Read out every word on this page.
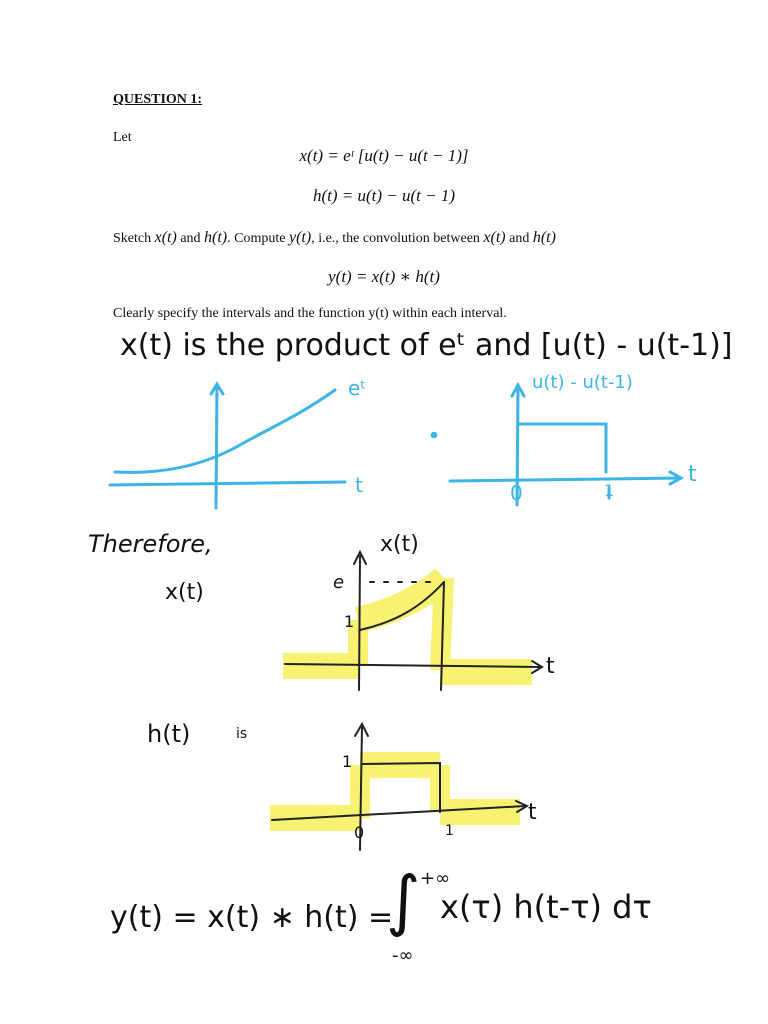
QUESTION 1:
Let
x(t) = eᵗ [u(t) − u(t − 1)]
h(t) = u(t) − u(t − 1)
Sketch x(t) and h(t). Compute y(t), i.e., the convolution between x(t) and h(t)
y(t) = x(t) ∗ h(t)
Clearly specify the intervals and the function y(t) within each interval.
x(t) is the product of eᵗ and [u(t) - u(t-1)]
eᵗ
t
u(t) - u(t-1)
t
0	1
Therefore,
x(t)
x(t)
e
1
t
h(t)	is
1
0	1
t
y(t) = x(t) ∗ h(t) =
∫ +∞
-∞
x(τ) h(t-τ) dτ
